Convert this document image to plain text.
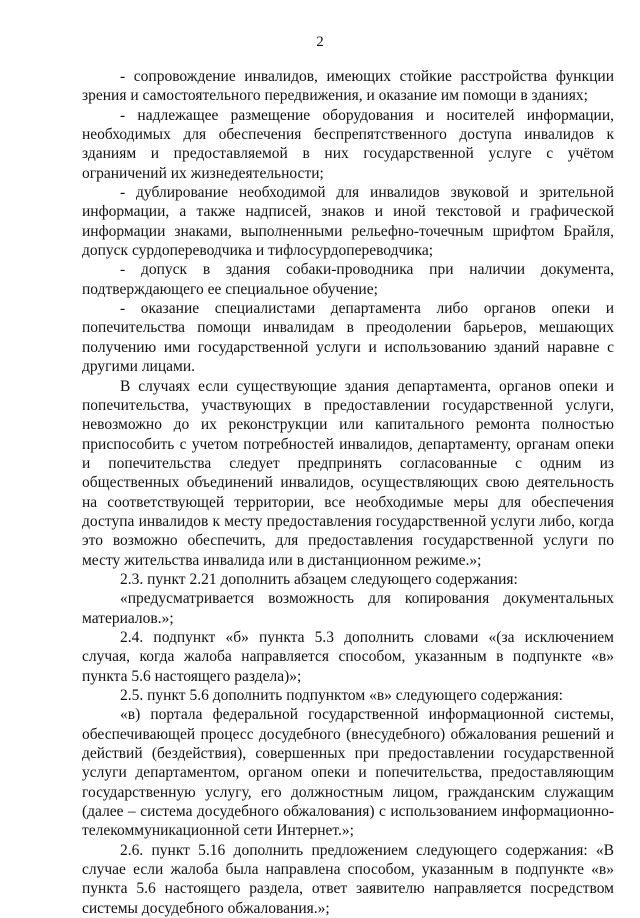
2

- сопровождение инвалидов, имеющих стойкие расстройства функции зрения и самостоятельного передвижения, и оказание им помощи в зданиях;

- надлежащее размещение оборудования и носителей информации, необходимых для обеспечения беспрепятственного доступа инвалидов к зданиям и предоставляемой в них государственной услуге с учётом ограничений их жизнедеятельности;

- дублирование необходимой для инвалидов звуковой и зрительной информации, а также надписей, знаков и иной текстовой и графической информации знаками, выполненными рельефно-точечным шрифтом Брайля, допуск сурдопереводчика и тифлосурдопереводчика;

- допуск в здания собаки-проводника при наличии документа, подтверждающего ее специальное обучение;

- оказание специалистами департамента либо органов опеки и попечительства помощи инвалидам в преодолении барьеров, мешающих получению ими государственной услуги и использованию зданий наравне с другими лицами.

В случаях если существующие здания департамента, органов опеки и попечительства, участвующих в предоставлении государственной услуги, невозможно до их реконструкции или капитального ремонта полностью приспособить с учетом потребностей инвалидов, департаменту, органам опеки и попечительства следует предпринять согласованные с одним из общественных объединений инвалидов, осуществляющих свою деятельность на соответствующей территории, все необходимые меры для обеспечения доступа инвалидов к месту предоставления государственной услуги либо, когда это возможно обеспечить, для предоставления государственной услуги по месту жительства инвалида или в дистанционном режиме.»;

2.3. пункт 2.21 дополнить абзацем следующего содержания:

«предусматривается возможность для копирования документальных материалов.»;

2.4. подпункт «б» пункта 5.3 дополнить словами «(за исключением случая, когда жалоба направляется способом, указанным в подпункте «в» пункта 5.6 настоящего раздела)»;

2.5. пункт 5.6 дополнить подпунктом «в» следующего содержания:

«в) портала федеральной государственной информационной системы, обеспечивающей процесс досудебного (внесудебного) обжалования решений и действий (бездействия), совершенных при предоставлении государственной услуги департаментом, органом опеки и попечительства, предоставляющим государственную услугу, его должностным лицом, гражданским служащим (далее – система досудебного обжалования) с использованием информационно-телекоммуникационной сети Интернет.»;

2.6. пункт 5.16 дополнить предложением следующего содержания: «В случае если жалоба была направлена способом, указанным в подпункте «в» пункта 5.6 настоящего раздела, ответ заявителю направляется посредством системы досудебного обжалования.»;
